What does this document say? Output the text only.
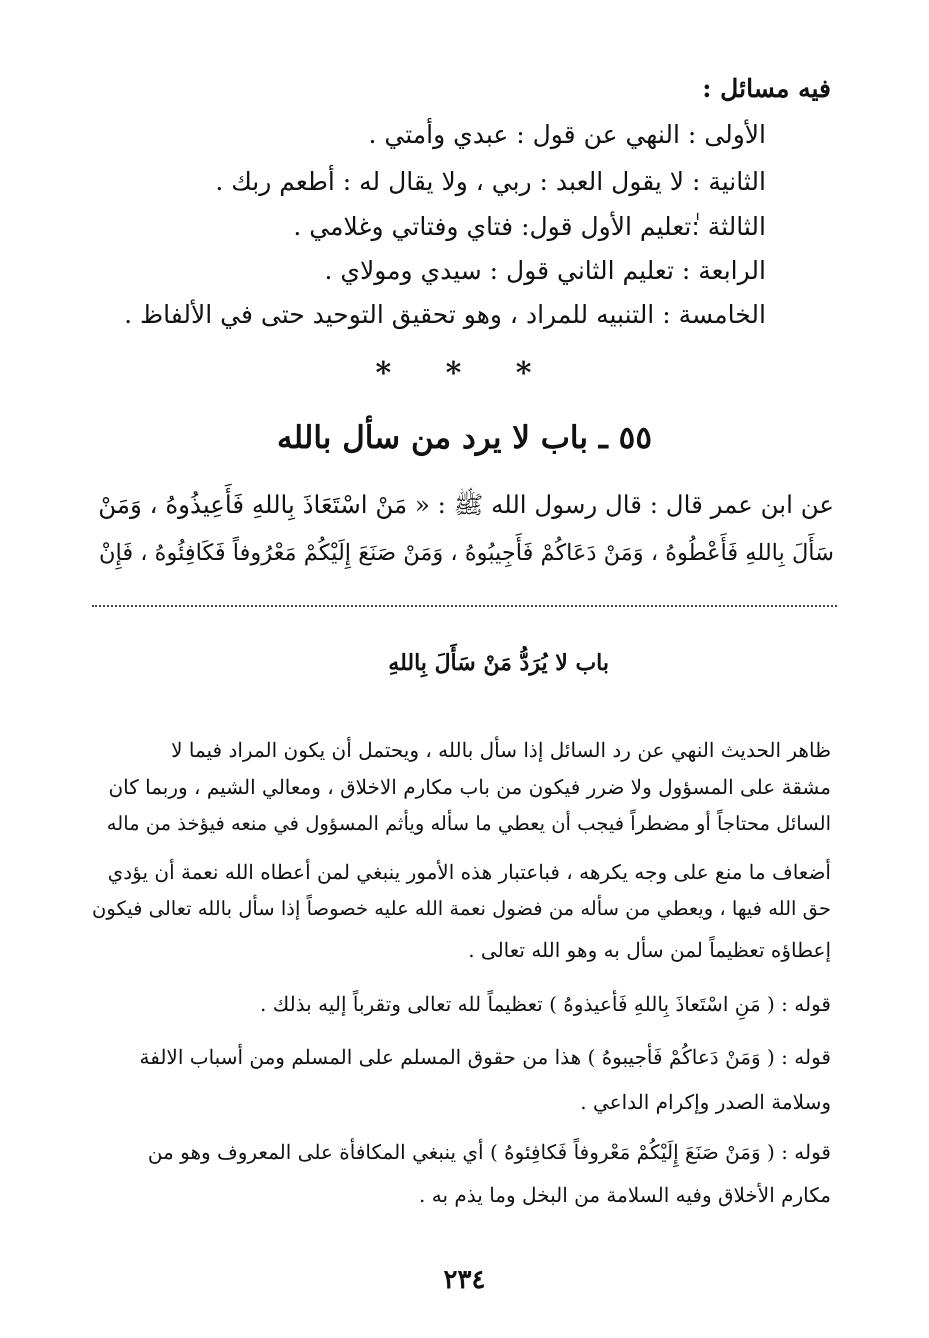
فيه مسائل :
الأولى : النهي عن قول : عبدي وأمتي .
الثانية : لا يقول العبد : ربي ، ولا يقال له : أطعم ربك .
الثالثة :ٰتعليم الأول قول: فتاي وفتاتي وغلامي .
الرابعة : تعليم الثاني قول : سيدي ومولاي .
الخامسة : التنبيه للمراد ، وهو تحقيق التوحيد حتى في الألفاظ .
* * *
٥٥ ـ باب لا يرد من سأل بالله
عن ابن عمر قال : قال رسول الله ﷺ : « مَنْ اسْتَعَاذَ بِاللهِ فَأَعِيذُوهُ ، وَمَنْ
سَأَلَ بِاللهِ فَأَعْطُوهُ ، وَمَنْ دَعَاكُمْ فَأَجِيبُوهُ ، وَمَنْ صَنَعَ إِلَيْكُمْ مَعْرُوفاً فَكَافِئُوهُ ، فَإِنْ
باب لا يُرَدُّ مَنْ سَأَلَ بِاللهِ
ظاهر الحديث النهي عن رد السائل إذا سأل بالله ، ويحتمل أن يكون المراد فيما لا
مشقة على المسؤول ولا ضرر فيكون من باب مكارم الاخلاق ، ومعالي الشيم ، وربما كان
السائل محتاجاً أو مضطراً فيجب أن يعطي ما سأله ويأثم المسؤول في منعه فيؤخذ من ماله
أضعاف ما منع على وجه يكرهه ، فباعتبار هذه الأمور ينبغي لمن أعطاه الله نعمة أن يؤدي
حق الله فيها ، ويعطي من سأله من فضول نعمة الله عليه خصوصاً إذا سأل بالله تعالى فيكون
إعطاؤه تعظيماً لمن سأل به وهو الله تعالى .
قوله : ( مَنِ اسْتَعاذَ بِاللهِ فَأعيذوهُ ) تعظيماً لله تعالى وتقرباً إليه بذلك .
قوله : ( وَمَنْ دَعاكُمْ فَأجيبوهُ ) هذا من حقوق المسلم على المسلم ومن أسباب الالفة
وسلامة الصدر وإكرام الداعي .
قوله : ( وَمَنْ صَنَعَ إِلَيْكُمْ مَعْروفاً فَكافِئوهُ ) أي ينبغي المكافأة على المعروف وهو من
مكارم الأخلاق وفيه السلامة من البخل وما يذم به .
٢٣٤
